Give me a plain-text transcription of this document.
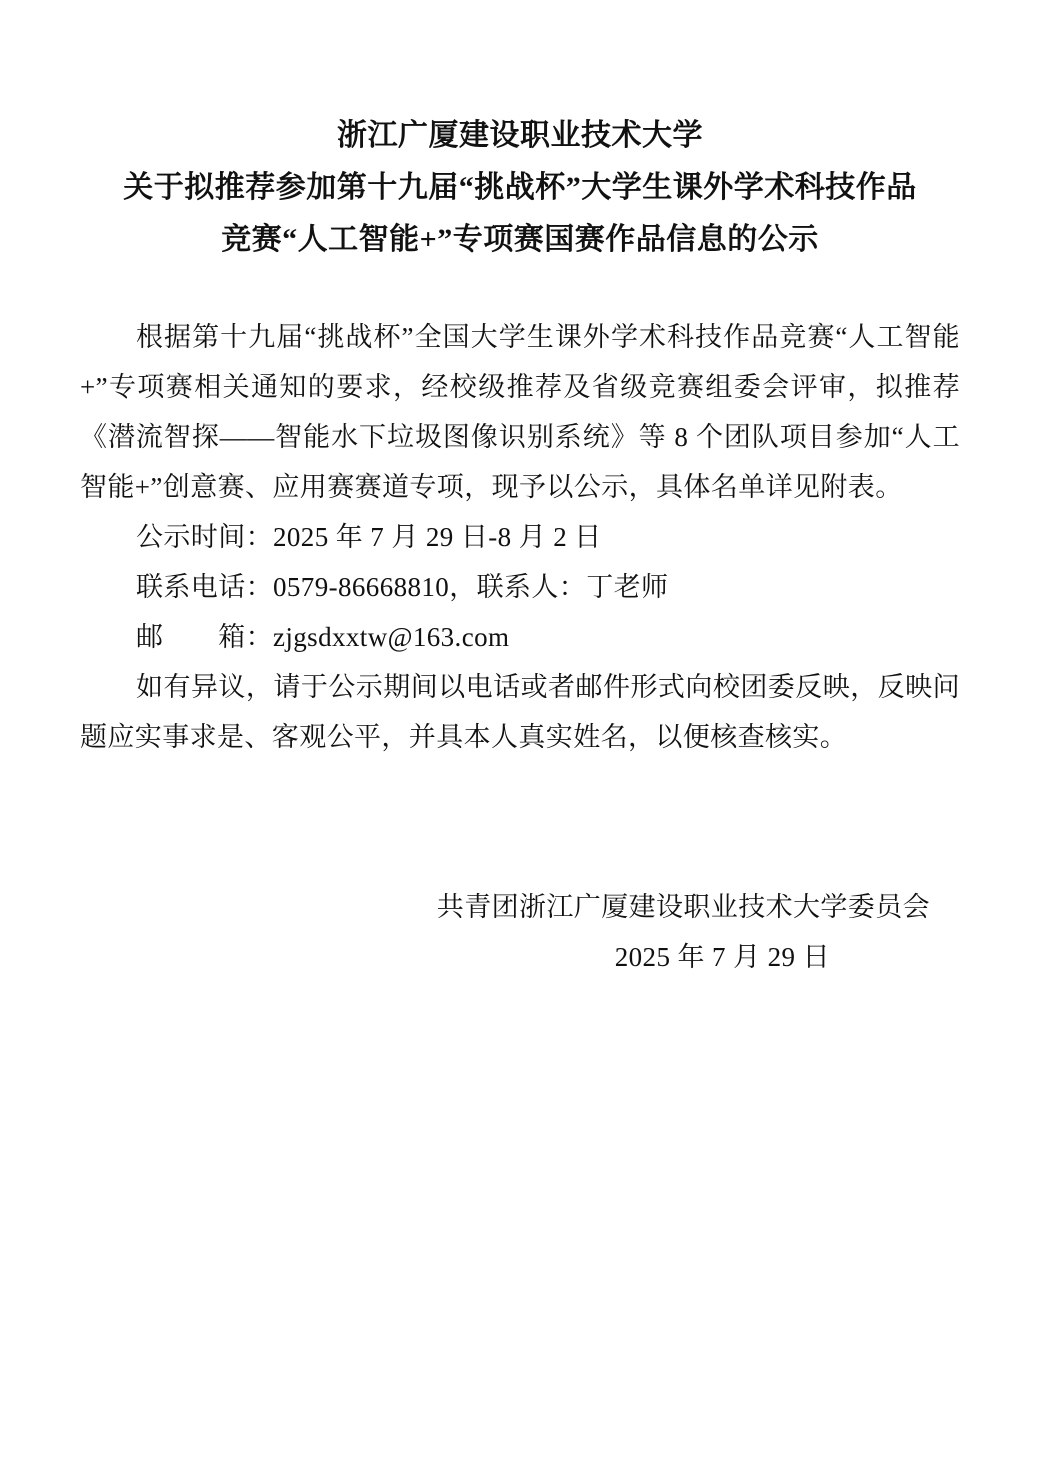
浙江广厦建设职业技术大学
关于拟推荐参加第十九届“挑战杯”大学生课外学术科技作品
竞赛“人工智能+”专项赛国赛作品信息的公示

根据第十九届“挑战杯”全国大学生课外学术科技作品竞赛“人工智能+”专项赛相关通知的要求，经校级推荐及省级竞赛组委会评审，拟推荐《潜流智探——智能水下垃圾图像识别系统》等 8 个团队项目参加“人工智能+”创意赛、应用赛赛道专项，现予以公示，具体名单详见附表。

公示时间：2025 年 7 月 29 日-8 月 2 日

联系电话：0579-86668810，联系人：丁老师

邮　　箱：zjgsdxxtw@163.com

如有异议，请于公示期间以电话或者邮件形式向校团委反映，反映问题应实事求是、客观公平，并具本人真实姓名，以便核查核实。

共青团浙江广厦建设职业技术大学委员会
2025 年 7 月 29 日
